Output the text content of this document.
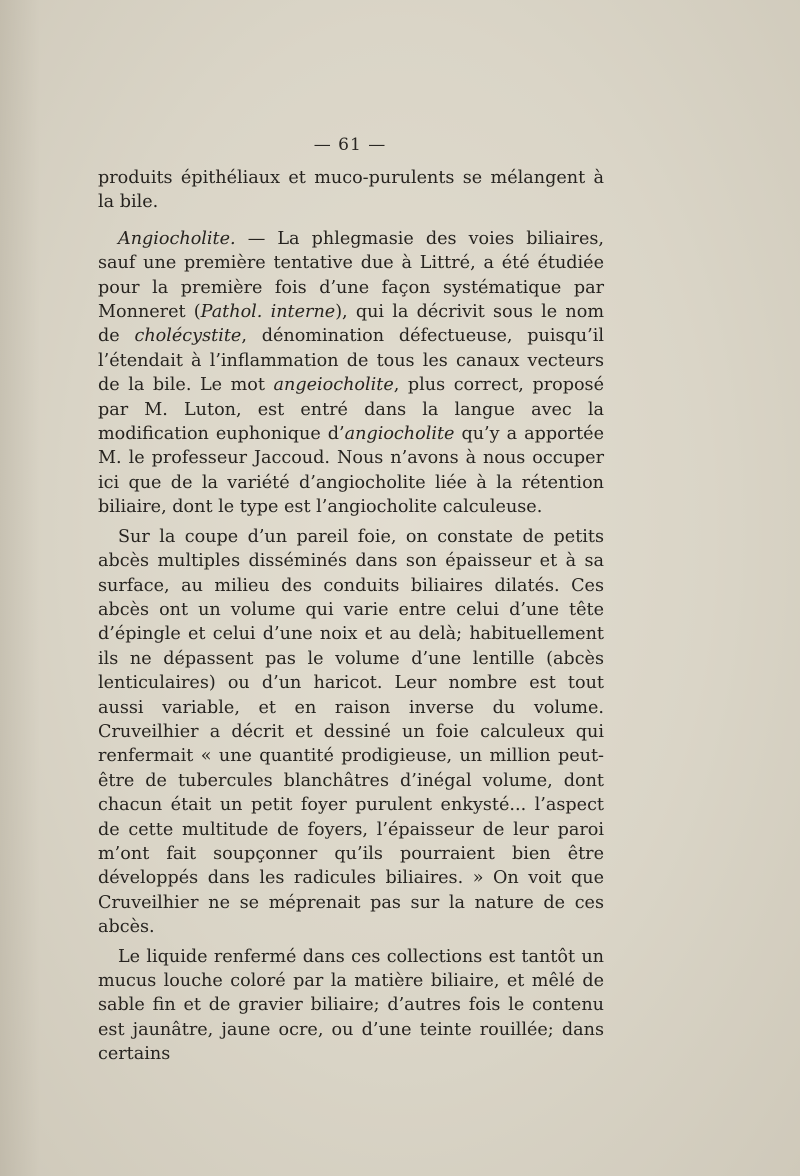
— 61 —

produits épithéliaux et muco-purulents se mélangent à la bile.

Angiocholite. — La phlegmasie des voies biliaires, sauf une première tentative due à Littré, a été étudiée pour la première fois d’une façon systématique par Monneret (Pathol. interne), qui la décrivit sous le nom de cholécystite, dénomination défectueuse, puisqu’il l’étendait à l’inflammation de tous les canaux vecteurs de la bile. Le mot angeiocholite, plus correct, proposé par M. Luton, est entré dans la langue avec la modification euphonique d’angiocholite qu’y a apportée M. le professeur Jaccoud. Nous n’avons à nous occuper ici que de la variété d’angiocholite liée à la rétention biliaire, dont le type est l’angiocholite calculeuse.

Sur la coupe d’un pareil foie, on constate de petits abcès multiples disséminés dans son épaisseur et à sa surface, au milieu des conduits biliaires dilatés. Ces abcès ont un volume qui varie entre celui d’une tête d’épingle et celui d’une noix et au delà; habituellement ils ne dépassent pas le volume d’une lentille (abcès lenticulaires) ou d’un haricot. Leur nombre est tout aussi variable, et en raison inverse du volume. Cruveilhier a décrit et dessiné un foie calculeux qui renfermait « une quantité prodigieuse, un million peut-être de tubercules blanchâtres d’inégal volume, dont chacun était un petit foyer purulent enkysté... l’aspect de cette multitude de foyers, l’épaisseur de leur paroi m’ont fait soupçonner qu’ils pourraient bien être développés dans les radicules biliaires. » On voit que Cruveilhier ne se méprenait pas sur la nature de ces abcès.

Le liquide renfermé dans ces collections est tantôt un mucus louche coloré par la matière biliaire, et mêlé de sable fin et de gravier biliaire; d’autres fois le contenu est jaunâtre, jaune ocre, ou d’une teinte rouillée; dans certains
